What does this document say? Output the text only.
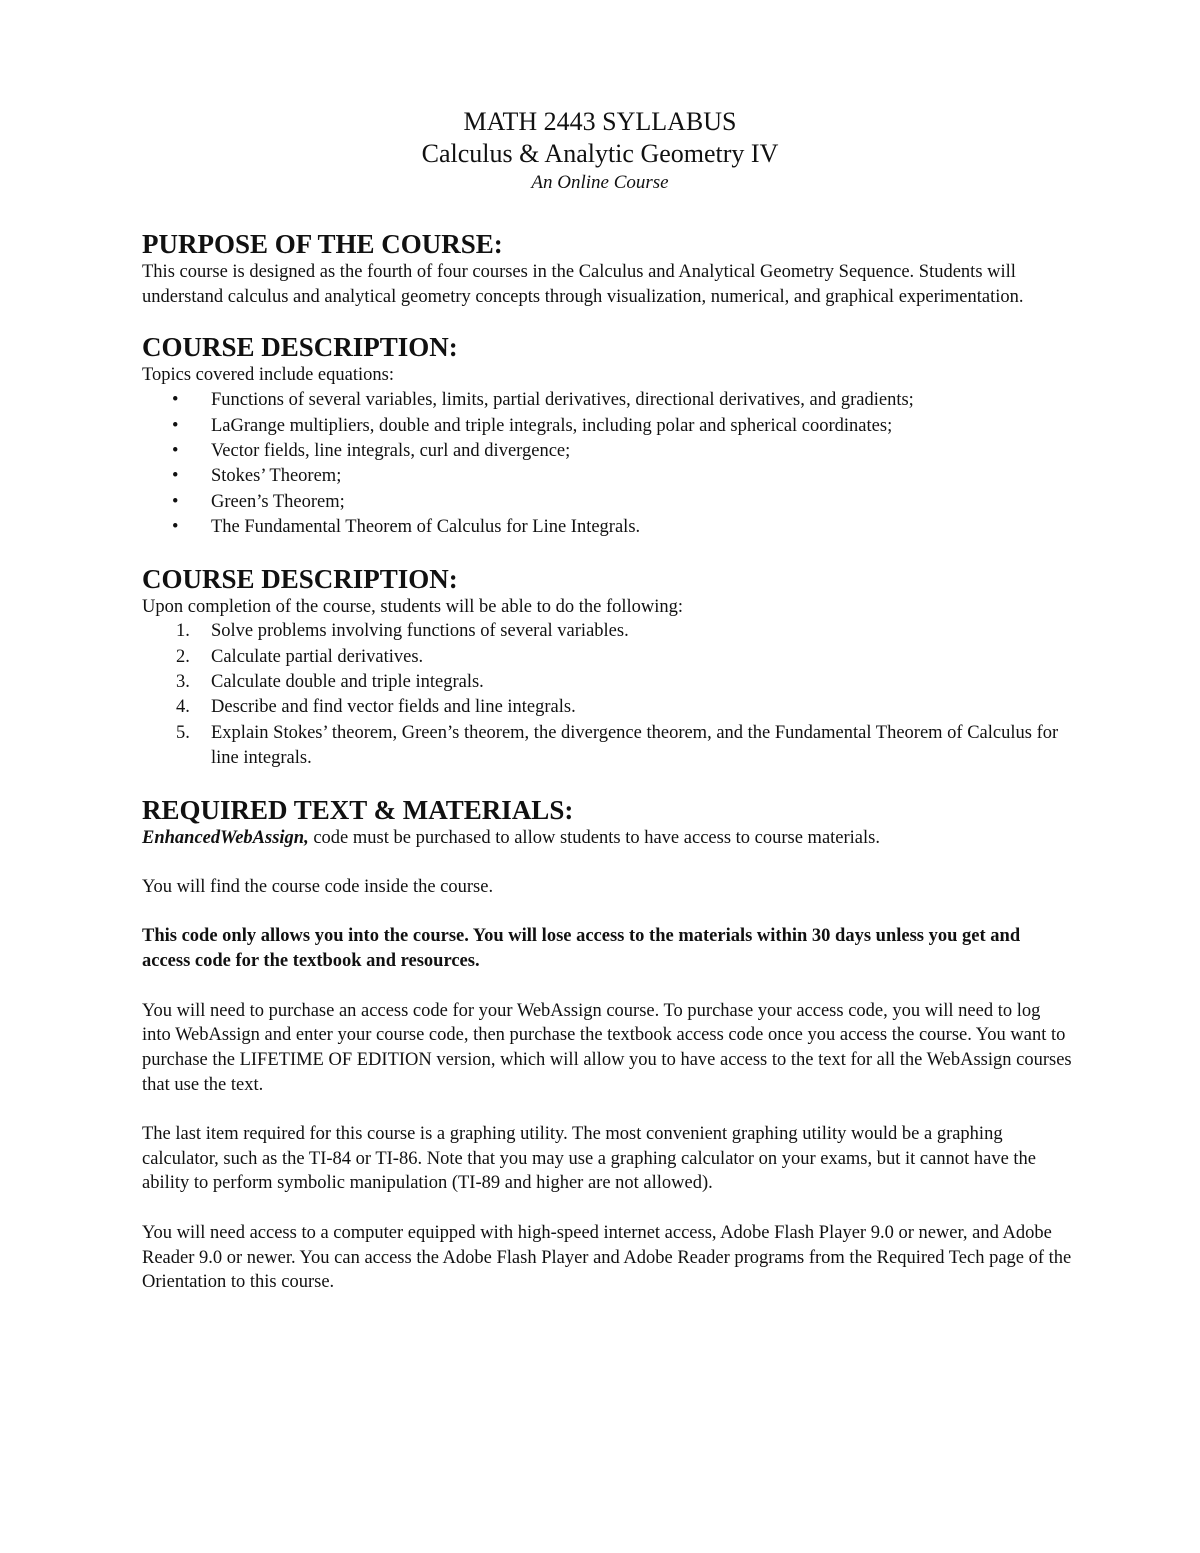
MATH 2443 SYLLABUS
Calculus & Analytic Geometry IV
An Online Course
PURPOSE OF THE COURSE:

This course is designed as the fourth of four courses in the Calculus and Analytical Geometry Sequence. Students will understand calculus and analytical geometry concepts through visualization, numerical, and graphical experimentation.

COURSE DESCRIPTION:

Topics covered include equations:

• Functions of several variables, limits, partial derivatives, directional derivatives, and gradients;
• LaGrange multipliers, double and triple integrals, including polar and spherical coordinates;
• Vector fields, line integrals, curl and divergence;
• Stokes’ Theorem;
• Green’s Theorem;
• The Fundamental Theorem of Calculus for Line Integrals.
COURSE DESCRIPTION:

Upon completion of the course, students will be able to do the following:

1. Solve problems involving functions of several variables.
2. Calculate partial derivatives.
3. Calculate double and triple integrals.
4. Describe and find vector fields and line integrals.
5. Explain Stokes’ theorem, Green’s theorem, the divergence theorem, and the Fundamental Theorem of Calculus for line integrals.
REQUIRED TEXT & MATERIALS:

EnhancedWebAssign, code must be purchased to allow students to have access to course materials.

You will find the course code inside the course.

This code only allows you into the course. You will lose access to the materials within 30 days unless you get and access code for the textbook and resources.

You will need to purchase an access code for your WebAssign course. To purchase your access code, you will need to log into WebAssign and enter your course code, then purchase the textbook access code once you access the course. You want to purchase the LIFETIME OF EDITION version, which will allow you to have access to the text for all the WebAssign courses that use the text.

The last item required for this course is a graphing utility. The most convenient graphing utility would be a graphing calculator, such as the TI-84 or TI-86. Note that you may use a graphing calculator on your exams, but it cannot have the ability to perform symbolic manipulation (TI-89 and higher are not allowed).

You will need access to a computer equipped with high-speed internet access, Adobe Flash Player 9.0 or newer, and Adobe Reader 9.0 or newer. You can access the Adobe Flash Player and Adobe Reader programs from the Required Tech page of the Orientation to this course.
